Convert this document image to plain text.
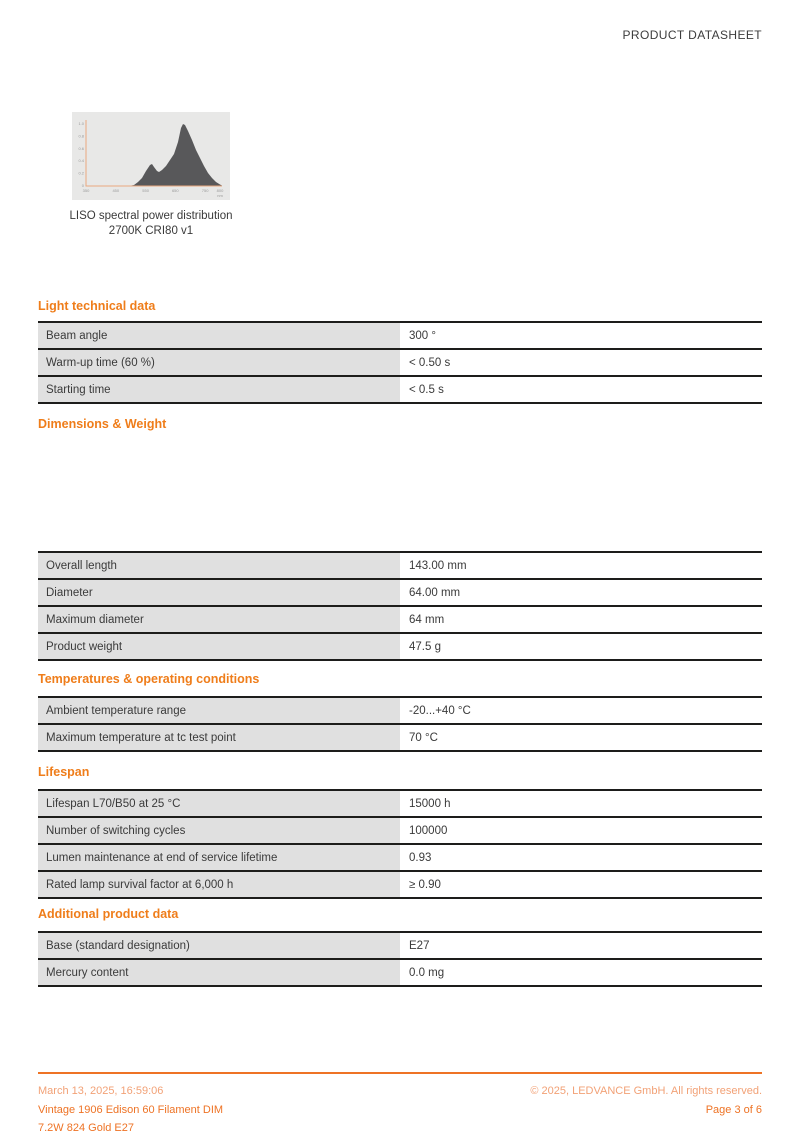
PRODUCT DATASHEET
1.0
0.8
0.6
0.4
0.2
0
350	450	550	650	750 800
nm
LISO spectral power distribution
2700K CRI80 v1
Light technical data
Beam angle	300 °
Warm-up time (60 %)	< 0.50 s
Starting time	< 0.5 s
Dimensions & Weight
Overall length	143.00 mm
Diameter	64.00 mm
Maximum diameter	64 mm
Product weight	47.5 g
Temperatures & operating conditions
Ambient temperature range	-20...+40 °C
Maximum temperature at tc test point	70 °C
Lifespan
Lifespan L70/B50 at 25 °C	15000 h
Number of switching cycles	100000
Lumen maintenance at end of service lifetime	0.93
Rated lamp survival factor at 6,000 h	≥ 0.90
Additional product data
Base (standard designation)	E27
Mercury content	0.0 mg
March 13, 2025, 16:59:06
Vintage 1906 Edison 60 Filament DIM
7.2W 824 Gold E27
© 2025, LEDVANCE GmbH. All rights reserved.
Page 3 of 6
